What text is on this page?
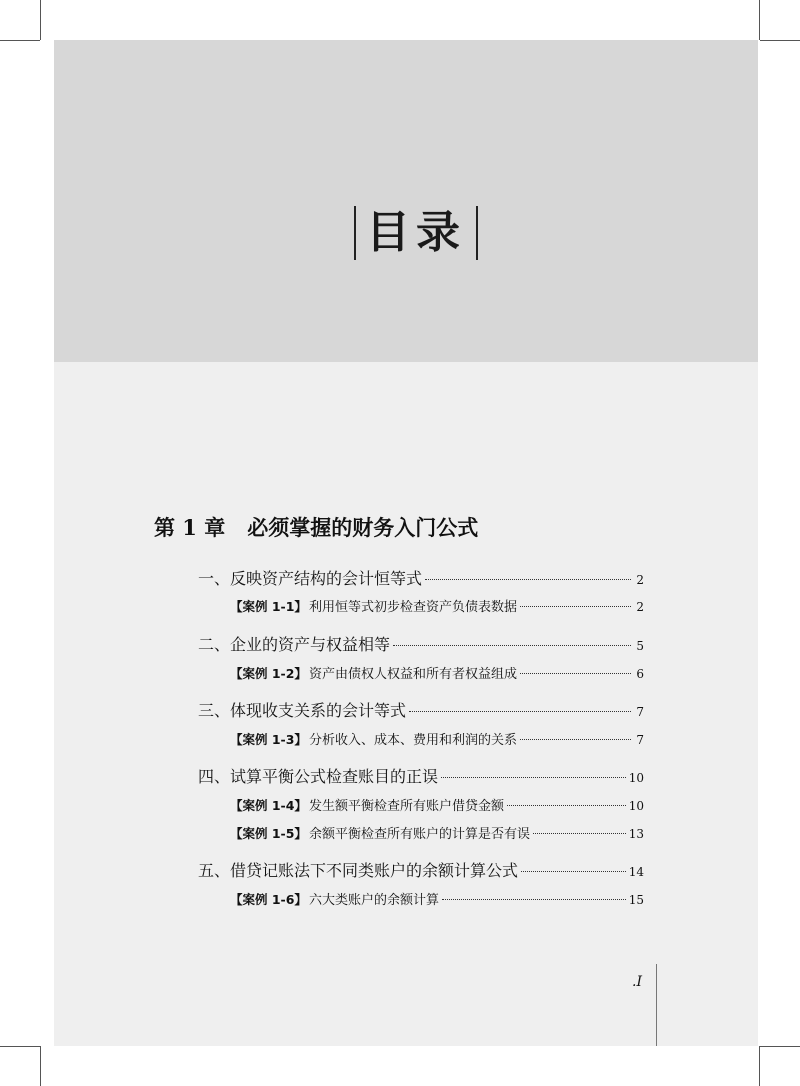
目录
第 1 章 必须掌握的财务入门公式
一、反映资产结构的会计恒等式	2
【案例 1-1】 利用恒等式初步检查资产负债表数据	2
二、企业的资产与权益相等	5
【案例 1-2】 资产由债权人权益和所有者权益组成	6
三、体现收支关系的会计等式	7
【案例 1-3】 分析收入、成本、费用和利润的关系	7
四、试算平衡公式检查账目的正误	10
【案例 1-4】 发生额平衡检查所有账户借贷金额	10
【案例 1-5】 余额平衡检查所有账户的计算是否有误	13
五、借贷记账法下不同类账户的余额计算公式	14
【案例 1-6】 六大类账户的余额计算	15
.I
